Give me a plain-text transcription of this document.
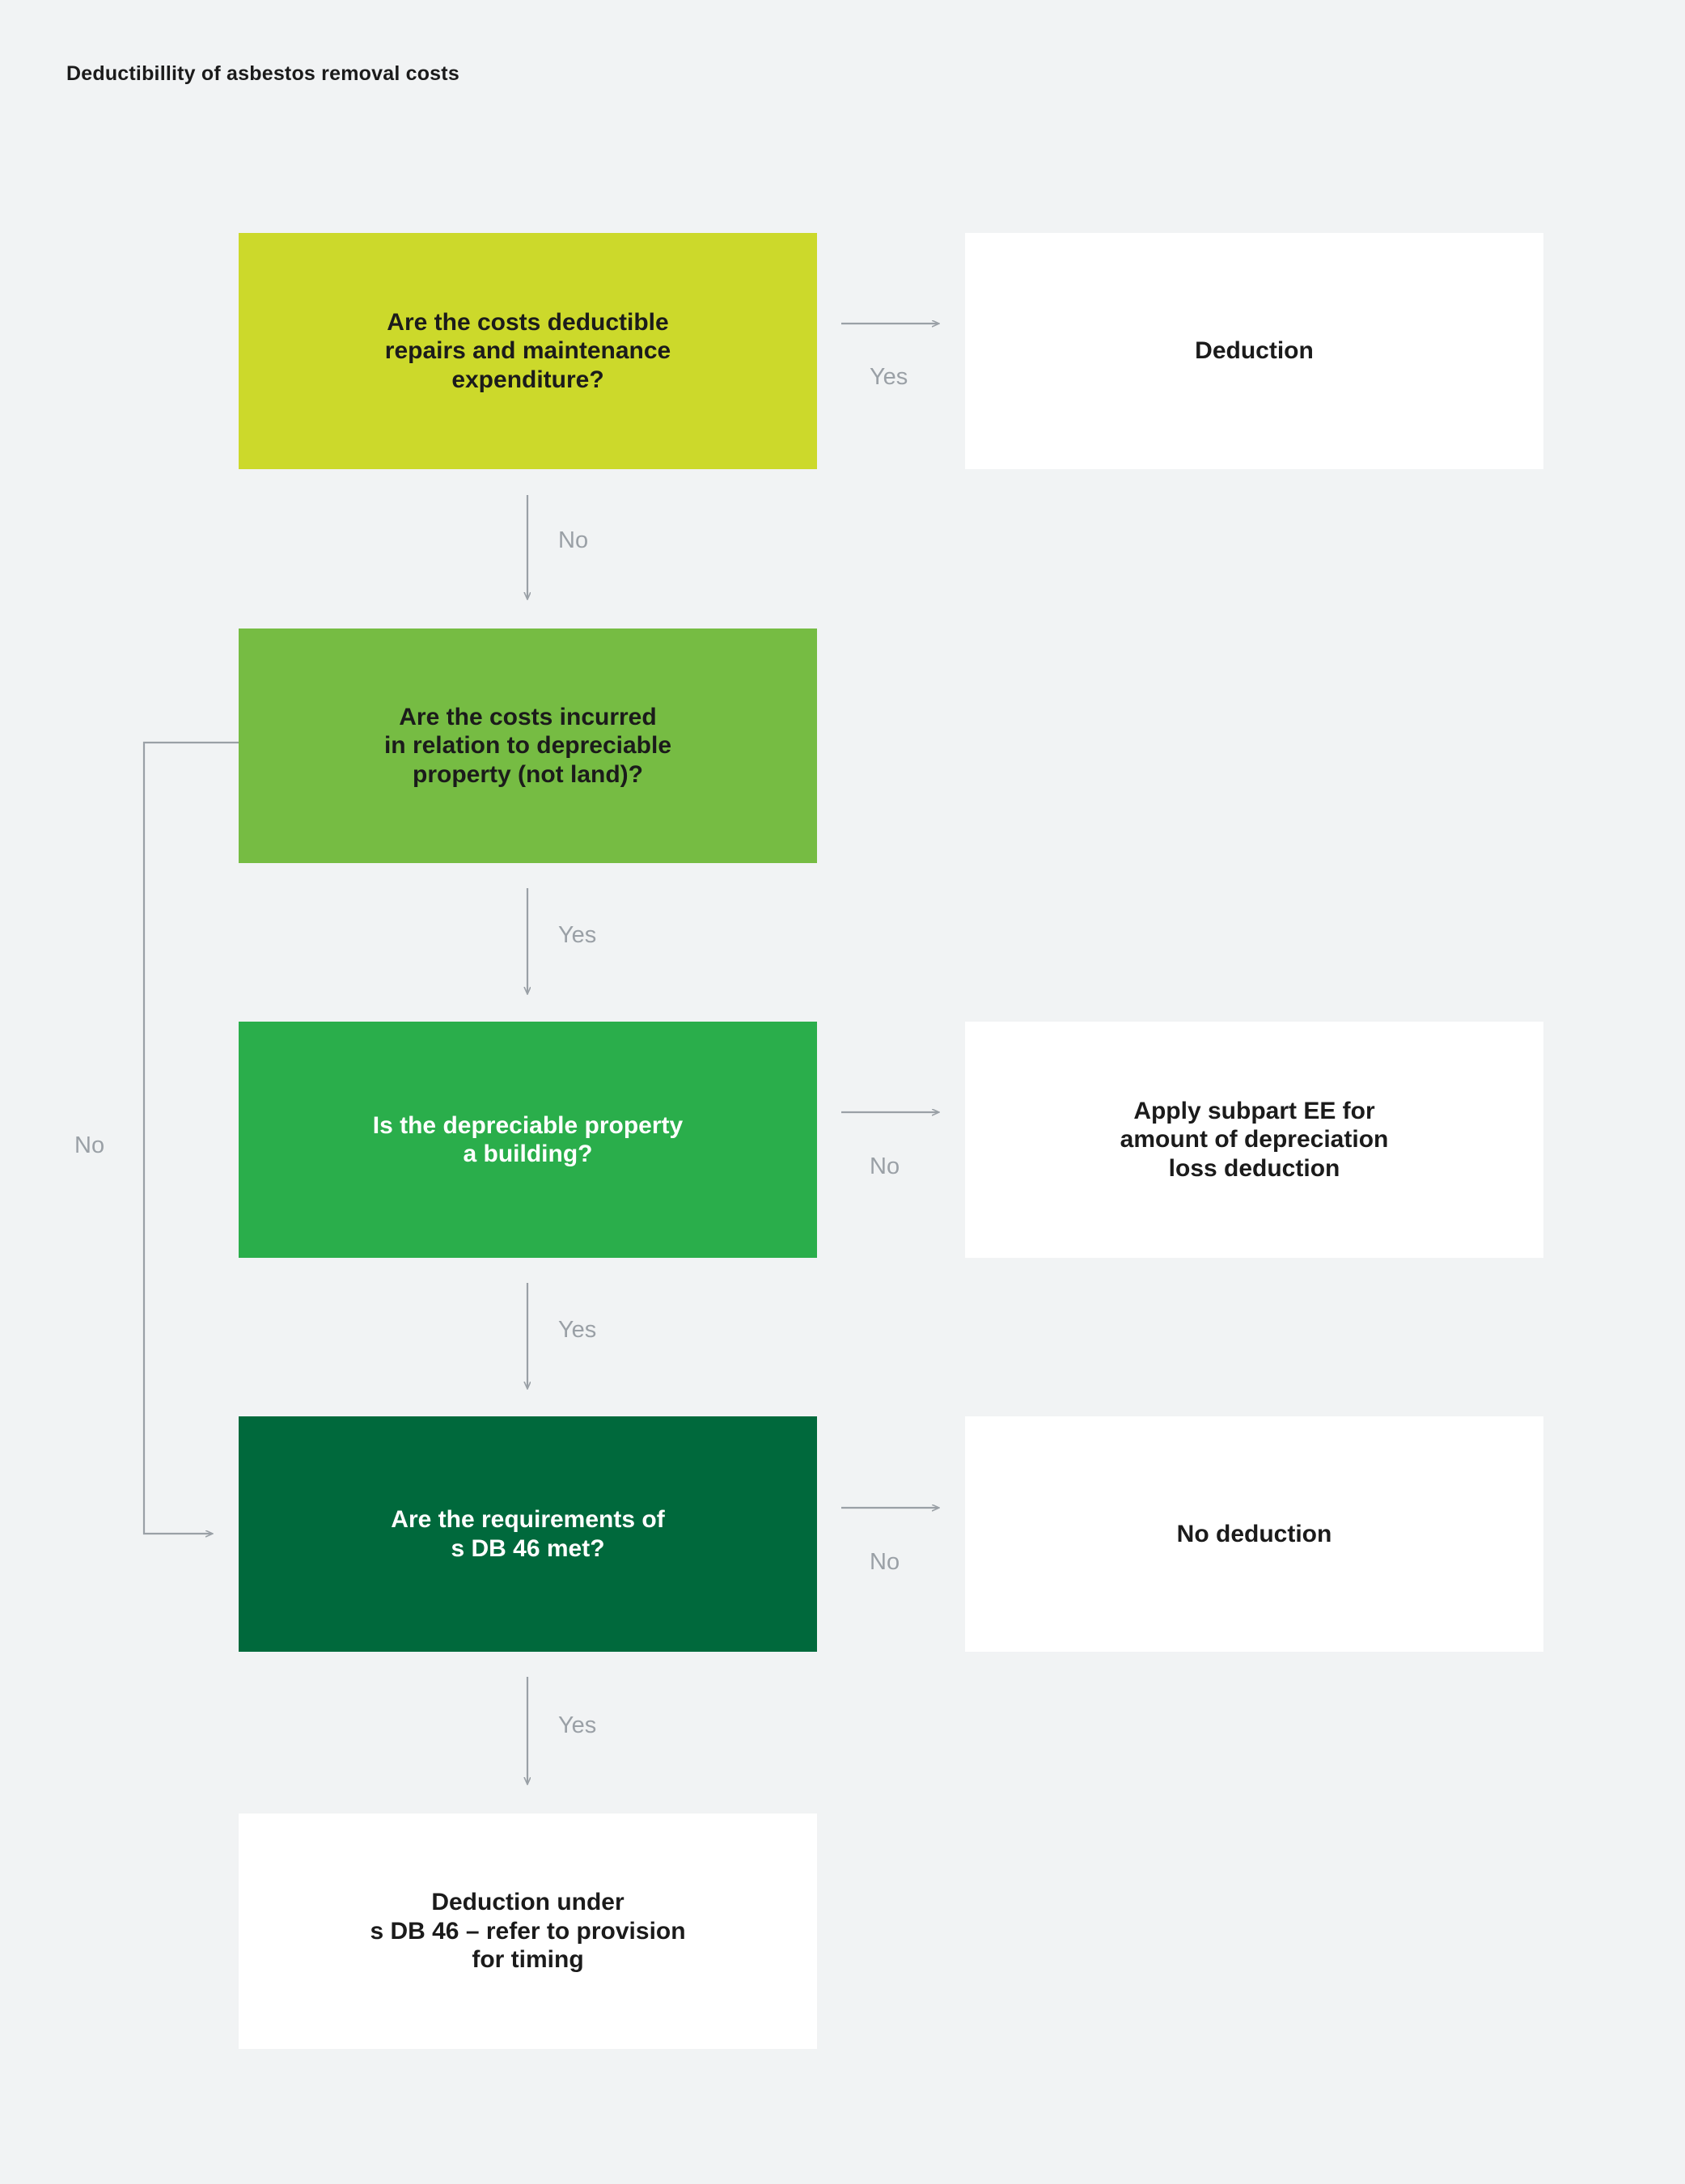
Deductibillity of asbestos removal costs
Yes
No
Yes
No
No
Yes
No
Yes
Are the costs deductible
repairs and maintenance
expenditure?
Deduction
Are the costs incurred
in relation to depreciable
property (not land)?
Is the depreciable property
a building?
Apply subpart EE for
amount of depreciation
loss deduction
Are the requirements of
s DB 46 met?
No deduction
Deduction under
s DB 46 – refer to provision
for timing
